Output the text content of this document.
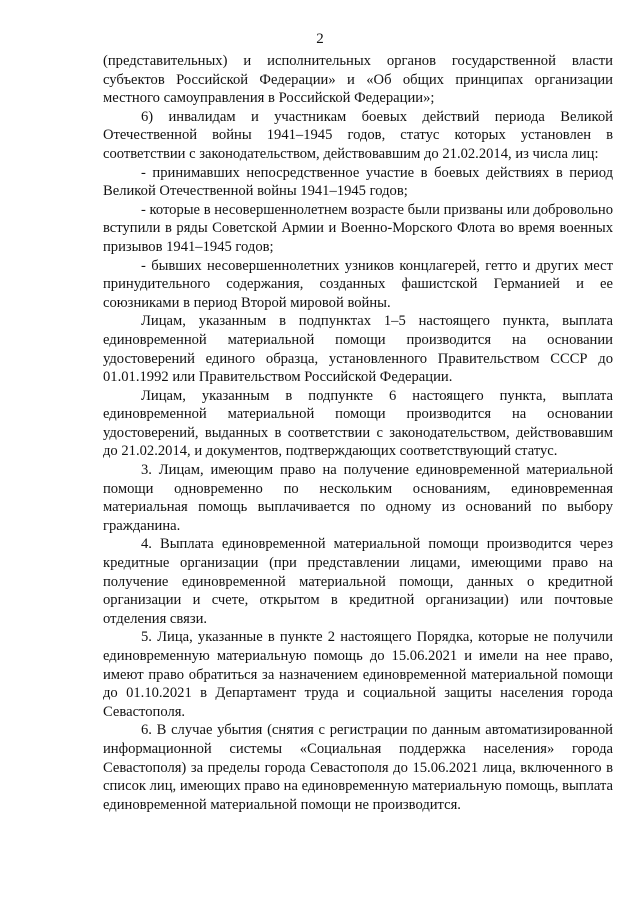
2

(представительных) и исполнительных органов государственной власти субъектов Российской Федерации» и «Об общих принципах организации местного самоуправления в Российской Федерации»;

6) инвалидам и участникам боевых действий периода Великой Отечественной войны 1941–1945 годов, статус которых установлен в соответствии с законодательством, действовавшим до 21.02.2014, из числа лиц:

- принимавших непосредственное участие в боевых действиях в период Великой Отечественной войны 1941–1945 годов;

- которые в несовершеннолетнем возрасте были призваны или добровольно вступили в ряды Советской Армии и Военно-Морского Флота во время военных призывов 1941–1945 годов;

- бывших несовершеннолетних узников концлагерей, гетто и других мест принудительного содержания, созданных фашистской Германией и ее союзниками в период Второй мировой войны.

Лицам, указанным в подпунктах 1–5 настоящего пункта, выплата единовременной материальной помощи производится на основании удостоверений единого образца, установленного Правительством СССР до 01.01.1992 или Правительством Российской Федерации.

Лицам, указанным в подпункте 6 настоящего пункта, выплата единовременной материальной помощи производится на основании удостоверений, выданных в соответствии с законодательством, действовавшим до 21.02.2014, и документов, подтверждающих соответствующий статус.

3. Лицам, имеющим право на получение единовременной материальной помощи одновременно по нескольким основаниям, единовременная материальная помощь выплачивается по одному из оснований по выбору гражданина.

4. Выплата единовременной материальной помощи производится через кредитные организации (при представлении лицами, имеющими право на получение единовременной материальной помощи, данных о кредитной организации и счете, открытом в кредитной организации) или почтовые отделения связи.

5. Лица, указанные в пункте 2 настоящего Порядка, которые не получили единовременную материальную помощь до 15.06.2021 и имели на нее право, имеют право обратиться за назначением единовременной материальной помощи до 01.10.2021 в Департамент труда и социальной защиты населения города Севастополя.

6. В случае убытия (снятия с регистрации по данным автоматизированной информационной системы «Социальная поддержка населения» города Севастополя) за пределы города Севастополя до 15.06.2021 лица, включенного в список лиц, имеющих право на единовременную материальную помощь, выплата единовременной материальной помощи не производится.
